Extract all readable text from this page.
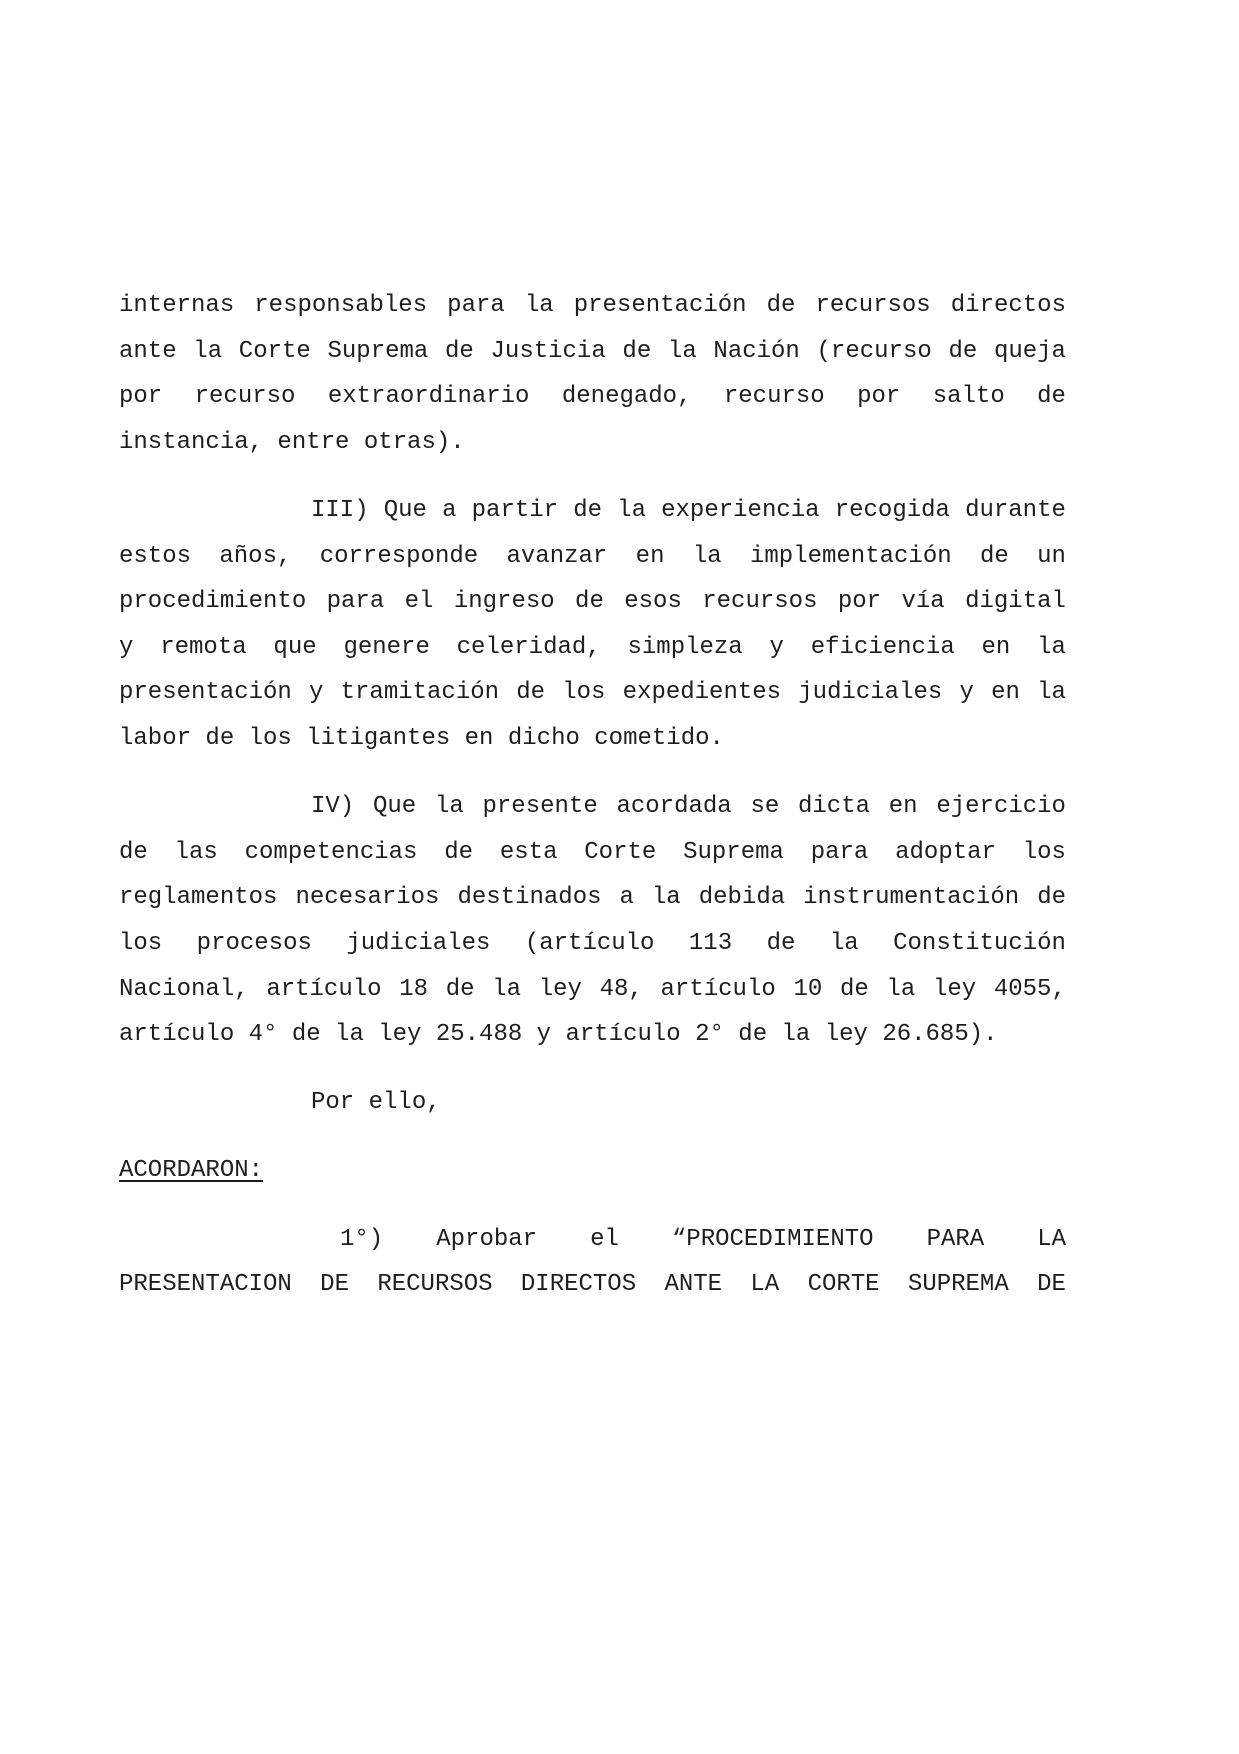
internas responsables para la presentación de recursos directos

ante la Corte Suprema de Justicia de la Nación (recurso de queja

por recurso extraordinario denegado, recurso por salto de

instancia, entre otras).

III) Que a partir de la experiencia recogida durante

estos años, corresponde avanzar en la implementación de un

procedimiento para el ingreso de esos recursos por vía digital

y remota que genere celeridad, simpleza y eficiencia en la

presentación y tramitación de los expedientes judiciales y en la

labor de los litigantes en dicho cometido.

IV) Que la presente acordada se dicta en ejercicio

de las competencias de esta Corte Suprema para adoptar los

reglamentos necesarios destinados a la debida instrumentación de

los procesos judiciales (artículo 113 de la Constitución

Nacional, artículo 18 de la ley 48, artículo 10 de la ley 4055,

artículo 4° de la ley 25.488 y artículo 2° de la ley 26.685).

Por ello,

ACORDARON:

1°) Aprobar el “PROCEDIMIENTO PARA LA

PRESENTACION DE RECURSOS DIRECTOS ANTE LA CORTE SUPREMA DE
